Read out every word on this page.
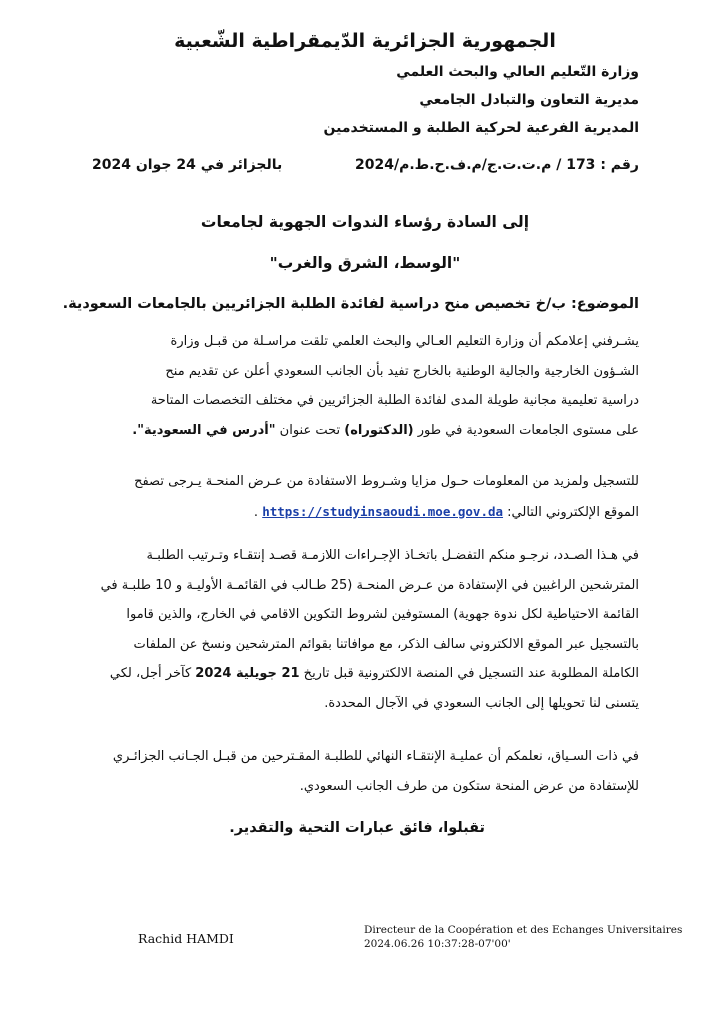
الجمهورية الجزائرية الدّيمقراطية الشّعبية
وزارة التّعليم العالي والبحث العلمي
مديرية التعاون والتبادل الجامعي
المديرية الفرعية لحركية الطلبة و المستخدمين
رقم : 173 / م.ت.ت.ج/م.ف.ح.ط.م/2024
بالجزائر في 24 جوان 2024
إلى السادة رؤساء الندوات الجهوية لجامعات
"الوسط، الشرق والغرب"
الموضوع: ب/خ تخصيص منح دراسية لفائدة الطلبة الجزائريين بالجامعات السعودية.
يشـرفني إعلامكم أن وزارة التعليم العـالي والبحث العلمي تلقت مراسـلة من قبـل وزارة
الشـؤون الخارجية والجالية الوطنية بالخارج تفيد بأن الجانب السعودي أعلن عن تقديم منح
دراسية تعليمية مجانية طويلة المدى لفائدة الطلبة الجزائريين في مختلف التخصصات المتاحة
على مستوى الجامعات السعودية في طور (الدكتوراه) تحت عنوان "أدرس في السعودية".
للتسجيل ولمزيد من المعلومات حـول مزايا وشـروط الاستفادة من عـرض المنحـة يـرجى تصفح
الموقع الإلكتروني التالي: https://studyinsaoudi.moe.gov.da .
في هـذا الصـدد، نرجـو منكم التفضـل باتخـاذ الإجـراءات اللازمـة قصـد إنتقـاء وتـرتيب الطلبـة
المترشحين الراغبين في الإستفادة من عـرض المنحـة (25 طـالب في القائمـة الأوليـة و 10 طلبـة في
القائمة الاحتياطية لكل ندوة جهوية) المستوفين لشروط التكوين الاقامي في الخارج، والذين قاموا
بالتسجيل عبر الموقع الالكتروني سالف الذكر، مع موافاتنا بقوائم المترشحين ونسخ عن الملفات
الكاملة المطلوبة عند التسجيل في المنصة الالكترونية قبل تاريخ 21 جويلية 2024 كآخر أجل، لكي
يتسنى لنا تحويلها إلى الجانب السعودي في الآجال المحددة.
في ذات السـياق، نعلمكم أن عمليـة الإنتقـاء النهائي للطلبـة المقـترحين من قبـل الجـانب الجزائـري
للإستفادة من عرض المنحة ستكون من طرف الجانب السعودي.
تقبلوا، فائق عبارات التحية والتقدير.
Rachid HAMDI
Directeur de la Coopération et des Echanges Universitaires
2024.06.26 10:37:28-07'00'
